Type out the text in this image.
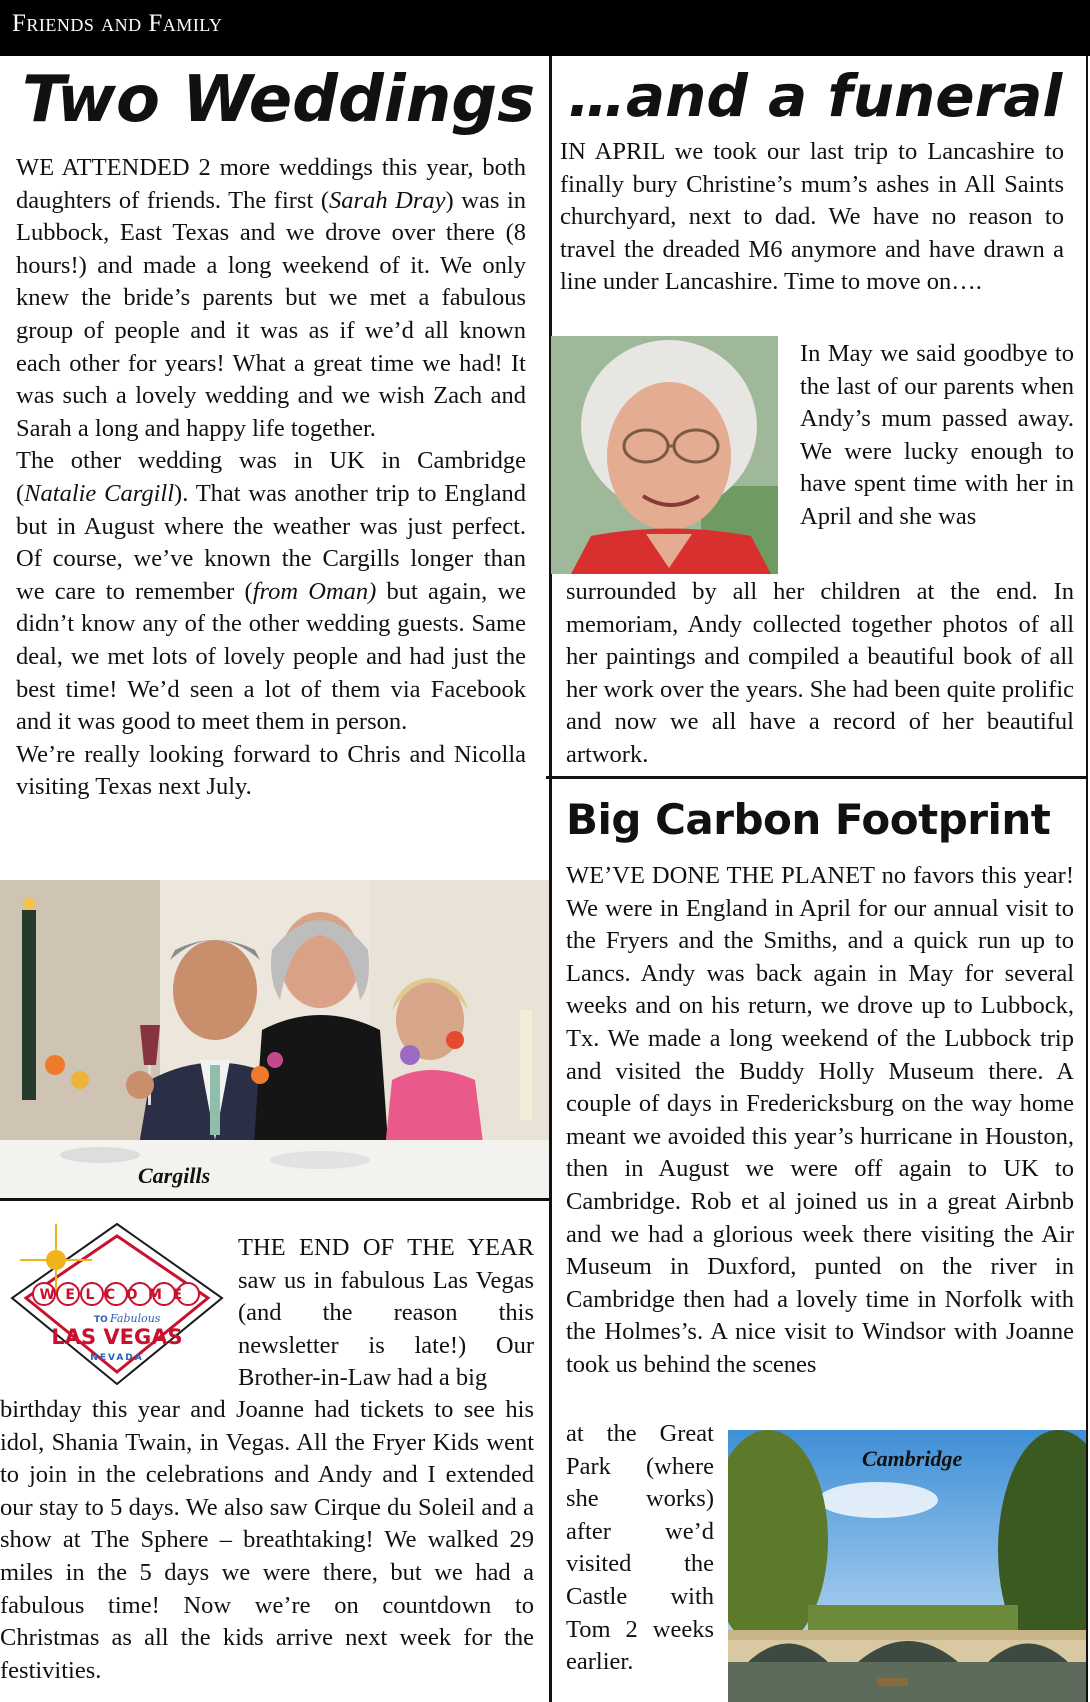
Friends and Family
Two Weddings

WE ATTENDED 2 more weddings this year, both daughters of friends. The first (Sarah Dray) was in Lubbock, East Texas and we drove over there (8 hours!) and made a long weekend of it. We only knew the bride’s parents but we met a fabulous group of people and it was as if we’d all known each other for years! What a great time we had! It was such a lovely wedding and we wish Zach and Sarah a long and happy life together.

The other wedding was in UK in Cambridge (Natalie Cargill). That was another trip to England but in August where the weather was just perfect. Of course, we’ve known the Cargills longer than we care to remember (from Oman) but again, we didn’t know any of the other wedding guests. Same deal, we met lots of lovely people and had just the best time! We’d seen a lot of them via Facebook and it was good to meet them in person.

We’re really looking forward to Chris and Nicolla visiting Texas next July.

Cargills
WELCOME
TO Fabulous
LAS VEGAS
NEVADA
THE END OF THE YEAR saw us in fabulous Las Vegas (and the reason this newsletter is late!) Our Brother-in-Law had a big
birthday this year and Joanne had tickets to see his idol, Shania Twain, in Vegas. All the Fryer Kids went to join in the celebrations and Andy and I extended our stay to 5 days. We also saw Cirque du Soleil and a show at The Sphere – breathtaking! We walked 29 miles in the 5 days we were there, but we had a fabulous time! Now we’re on countdown to Christmas as all the kids arrive next week for the festivities.
…and a funeral
IN APRIL we took our last trip to Lancashire to finally bury Christine’s mum’s ashes in All Saints churchyard, next to dad. We have no reason to travel the dreaded M6 anymore and have drawn a line under Lancashire. Time to move on….
In May we said goodbye to the last of our parents when Andy’s mum passed away. We were lucky enough to have spent time with her in April and she was
surrounded by all her children at the end. In memoriam, Andy collected together photos of all her paintings and compiled a beautiful book of all her work over the years. She had been quite prolific and now we all have a record of her beautiful artwork.
Big Carbon Footprint
WE’VE DONE THE PLANET no favors this year! We were in England in April for our annual visit to the Fryers and the Smiths, and a quick run up to Lancs. Andy was back again in May for several weeks and on his return, we drove up to Lubbock, Tx. We made a long weekend of the Lubbock trip and visited the Buddy Holly Museum there. A couple of days in Fredericksburg on the way home meant we avoided this year’s hurricane in Houston, then in August we were off again to UK to Cambridge. Rob et al joined us in a great Airbnb and we had a glorious week there visiting the Air Museum in Duxford, punted on the river in Cambridge then had a lovely time in Norfolk with the Holmes’s. A nice visit to Windsor with Joanne took us behind the scenes
at the Great Park (where she works) after we’d visited the Castle with Tom 2 weeks earlier.
Cambridge
